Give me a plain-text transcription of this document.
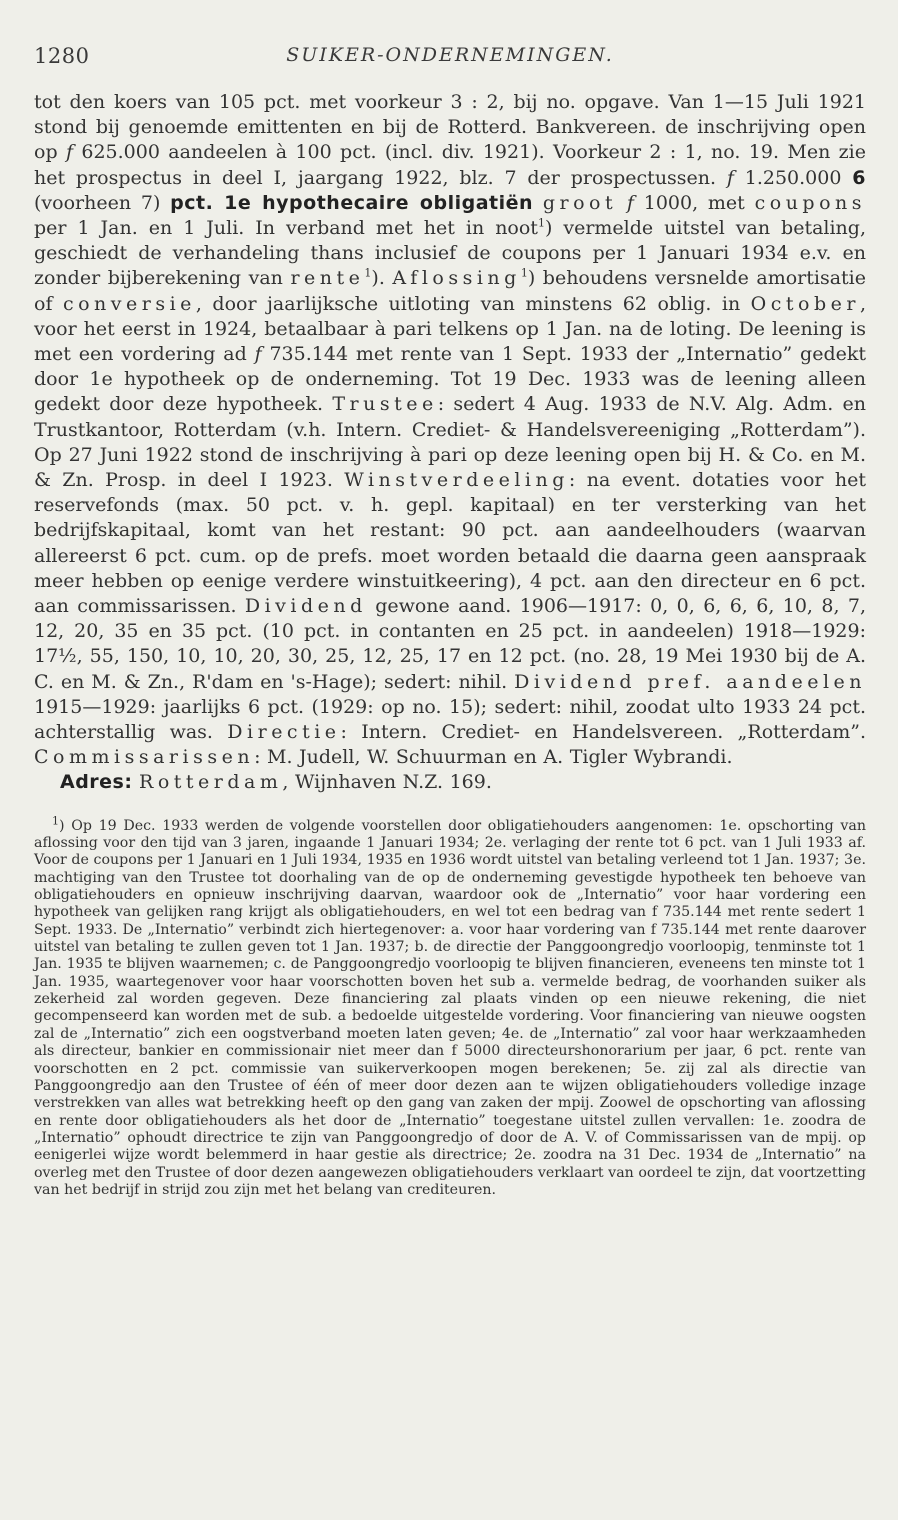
1280	SUIKER-ONDERNEMINGEN.

tot den koers van 105 pct. met voorkeur 3 : 2, bij no. opgave. Van 1—15 Juli 1921 stond bij genoemde emittenten en bij de Rotterd. Bankvereen. de inschrijving open op f 625.000 aandeelen à 100 pct. (incl. div. 1921). Voorkeur 2 : 1, no. 19. Men zie het prospectus in deel I, jaargang 1922, blz. 7 der prospectussen. f 1.250.000 6 (voorheen 7) pct. 1e hypothecaire obligatiën groot f 1000, met coupons per 1 Jan. en 1 Juli. In verband met het in noot$^1$) vermelde uitstel van betaling, geschiedt de verhandeling thans inclusief de coupons per 1 Januari 1934 e.v. en zonder bijberekening van rente$^1$). Aflossing$^1$) behoudens versnelde amortisatie of conversie, door jaarlijksche uitloting van minstens 62 oblig. in October, voor het eerst in 1924, betaalbaar à pari telkens op 1 Jan. na de loting. De leening is met een vordering ad f 735.144 met rente van 1 Sept. 1933 der „Internatio” gedekt door 1e hypotheek op de onderneming. Tot 19 Dec. 1933 was de leening alleen gedekt door deze hypotheek. Trustee: sedert 4 Aug. 1933 de N.V. Alg. Adm. en Trustkantoor, Rotterdam (v.h. Intern. Crediet- & Handelsvereeniging „Rotterdam”). Op 27 Juni 1922 stond de inschrijving à pari op deze leening open bij H. & Co. en M. & Zn. Prosp. in deel I 1923. Winstverdeeling: na event. dotaties voor het reservefonds (max. 50 pct. v. h. gepl. kapitaal) en ter versterking van het bedrijfskapitaal, komt van het restant: 90 pct. aan aandeelhouders (waarvan allereerst 6 pct. cum. op de prefs. moet worden betaald die daarna geen aanspraak meer hebben op eenige verdere winstuitkeering), 4 pct. aan den directeur en 6 pct. aan commissarissen. Dividend gewone aand. 1906—1917: 0, 0, 6, 6, 6, 10, 8, 7, 12, 20, 35 en 35 pct. (10 pct. in contanten en 25 pct. in aandeelen) 1918—1929: 17½, 55, 150, 10, 10, 20, 30, 25, 12, 25, 17 en 12 pct. (no. 28, 19 Mei 1930 bij de A. C. en M. & Zn., R'dam en 's-Hage); sedert: nihil. Dividend pref. aandeelen 1915—1929: jaarlijks 6 pct. (1929: op no. 15); sedert: nihil, zoodat ulto 1933 24 pct. achterstallig was. Directie: Intern. Crediet- en Handelsvereen. „Rotterdam”. Commissarissen: M. Judell, W. Schuurman en A. Tigler Wybrandi.

Adres: Rotterdam, Wijnhaven N.Z. 169.

$^1$) Op 19 Dec. 1933 werden de volgende voorstellen door obligatiehouders aangenomen: 1e. opschorting van aflossing voor den tijd van 3 jaren, ingaande 1 Januari 1934; 2e. verlaging der rente tot 6 pct. van 1 Juli 1933 af. Voor de coupons per 1 Januari en 1 Juli 1934, 1935 en 1936 wordt uitstel van betaling verleend tot 1 Jan. 1937; 3e. machtiging van den Trustee tot doorhaling van de op de onderneming gevestigde hypotheek ten behoeve van obligatiehouders en opnieuw inschrijving daarvan, waardoor ook de „Internatio” voor haar vordering een hypotheek van gelijken rang krijgt als obligatiehouders, en wel tot een bedrag van f 735.144 met rente sedert 1 Sept. 1933. De „Internatio” verbindt zich hiertegenover: a. voor haar vordering van f 735.144 met rente daarover uitstel van betaling te zullen geven tot 1 Jan. 1937; b. de directie der Panggoongredjo voorloopig, tenminste tot 1 Jan. 1935 te blijven waarnemen; c. de Panggoongredjo voorloopig te blijven financieren, eveneens ten minste tot 1 Jan. 1935, waartegenover voor haar voorschotten boven het sub a. vermelde bedrag, de voorhanden suiker als zekerheid zal worden gegeven. Deze financiering zal plaats vinden op een nieuwe rekening, die niet gecompenseerd kan worden met de sub. a bedoelde uitgestelde vordering. Voor financiering van nieuwe oogsten zal de „Internatio” zich een oogstverband moeten laten geven; 4e. de „Internatio” zal voor haar werkzaamheden als directeur, bankier en commissionair niet meer dan f 5000 directeurshonorarium per jaar, 6 pct. rente van voorschotten en 2 pct. commissie van suikerverkoopen mogen berekenen; 5e. zij zal als directie van Panggoongredjo aan den Trustee of één of meer door dezen aan te wijzen obligatiehouders volledige inzage verstrekken van alles wat betrekking heeft op den gang van zaken der mpij. Zoowel de opschorting van aflossing en rente door obligatiehouders als het door de „Internatio” toegestane uitstel zullen vervallen: 1e. zoodra de „Internatio” ophoudt directrice te zijn van Panggoongredjo of door de A. V. of Commissarissen van de mpij. op eenigerlei wijze wordt belemmerd in haar gestie als directrice; 2e. zoodra na 31 Dec. 1934 de „Internatio” na overleg met den Trustee of door dezen aangewezen obligatiehouders verklaart van oordeel te zijn, dat voortzetting van het bedrijf in strijd zou zijn met het belang van crediteuren.
